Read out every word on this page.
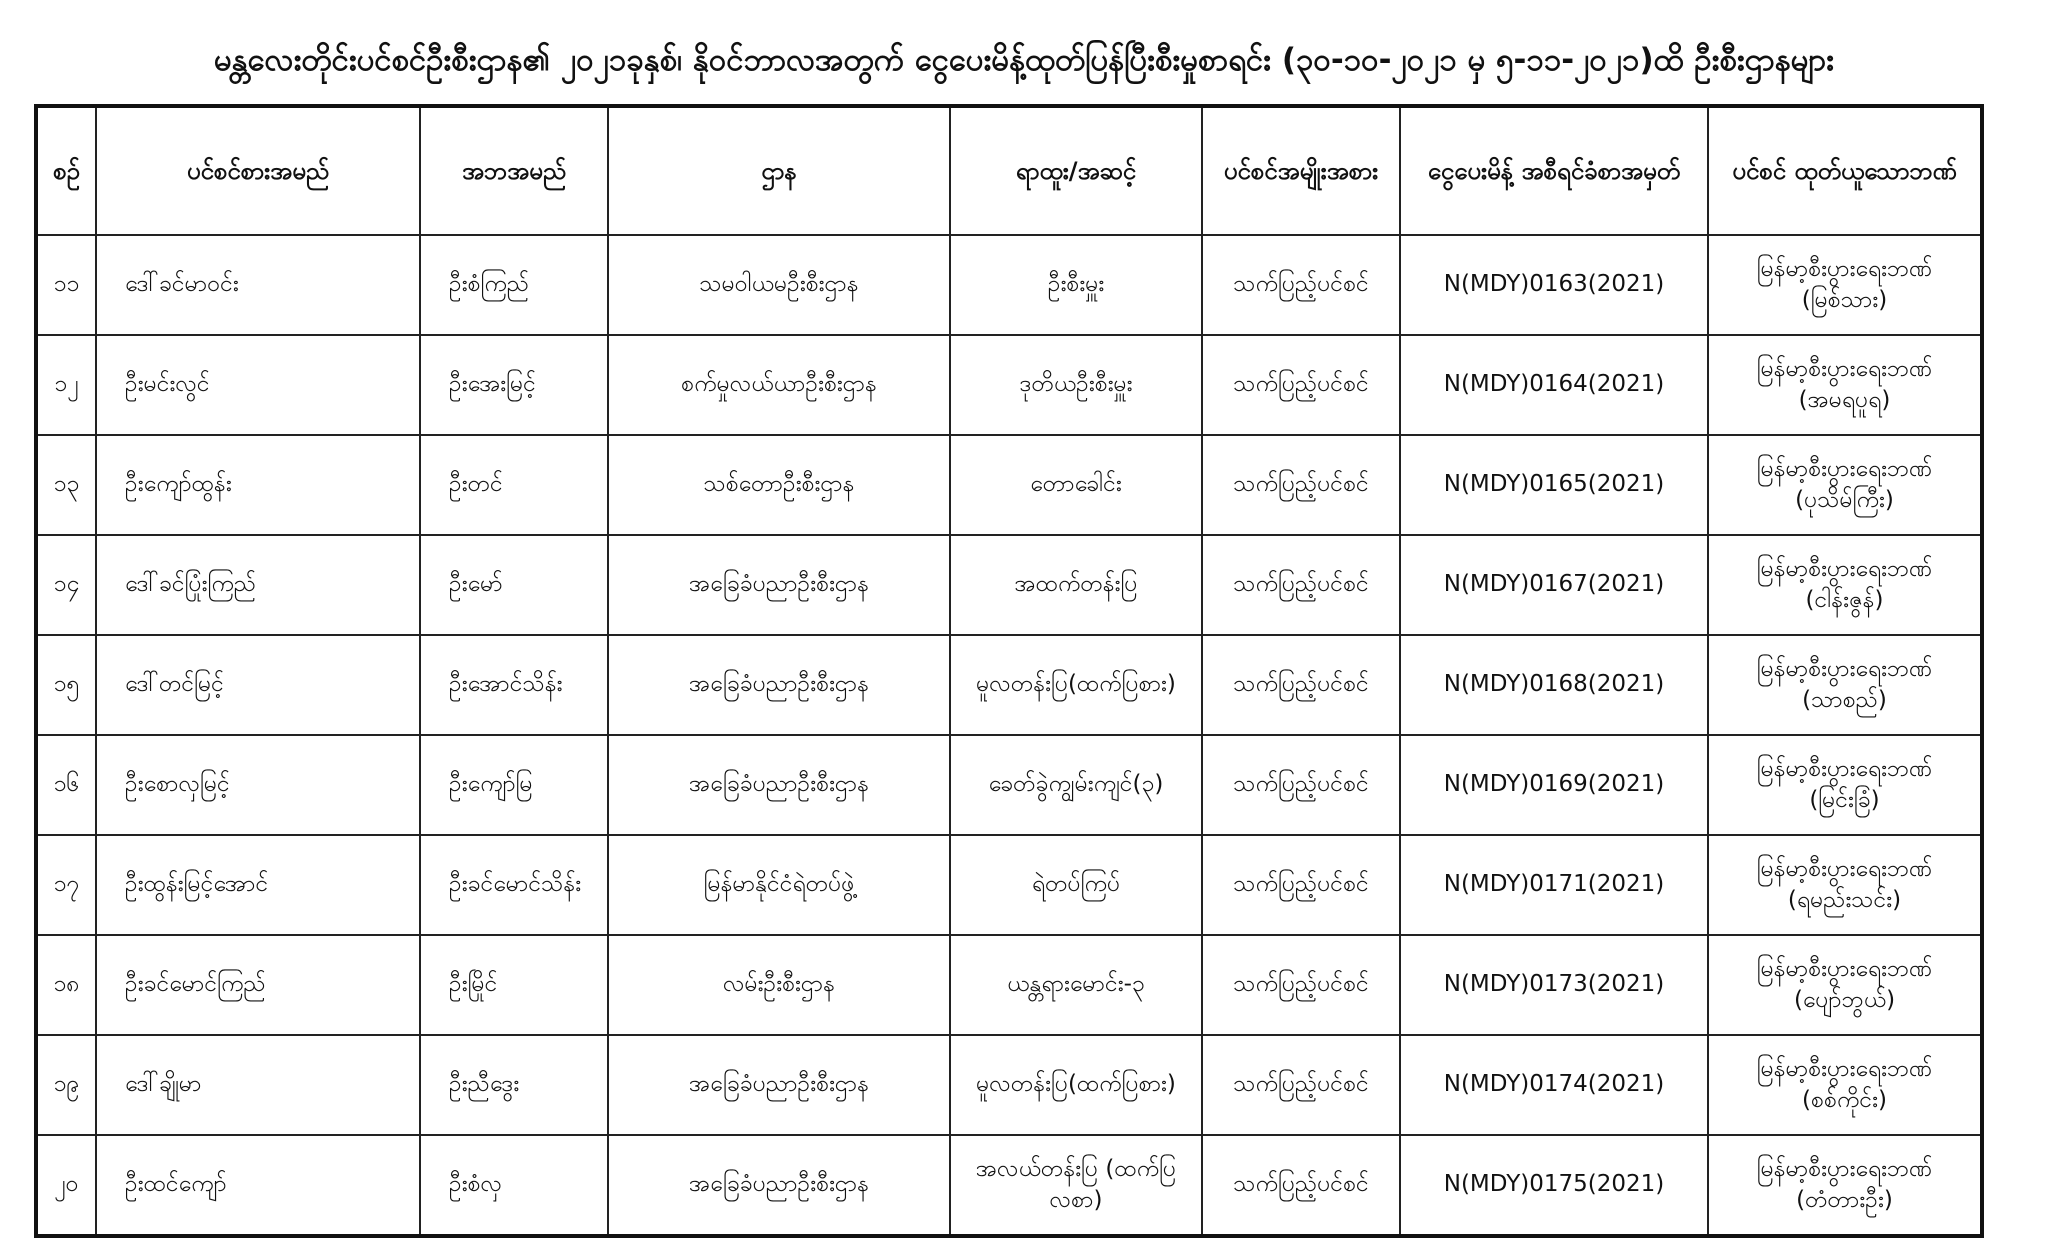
မန္တလေးတိုင်းပင်စင်ဦးစီးဌာန၏ ၂၀၂၁ခုနှစ်၊ နိုဝင်ဘာလအတွက် ငွေပေးမိန့်ထုတ်ပြန်ပြီးစီးမှုစာရင်း (၃၀-၁၀-၂၀၂၁ မှ ၅-၁၁-၂၀၂၁)ထိ ဦးစီးဌာနများ
စဉ်	ပင်စင်စားအမည်	အဘအမည်	ဌာန	ရာထူး/အဆင့်	ပင်စင်အမျိုးအစား	ငွေပေးမိန့် အစီရင်ခံစာအမှတ်	ပင်စင် ထုတ်ယူသောဘဏ်
၁၁	ဒေါ်ခင်မာဝင်း	ဦးစံကြည်	သမဝါယမဦးစီးဌာန	ဦးစီးမှူး	သက်ပြည့်ပင်စင်	N(MDY)0163(2021)	မြန်မာ့စီးပွားရေးဘဏ်
(မြစ်သား)

၁၂	ဦးမင်းလွင်	ဦးအေးမြင့်	စက်မှုလယ်ယာဦးစီးဌာန	ဒုတိယဦးစီးမှူး	သက်ပြည့်ပင်စင်	N(MDY)0164(2021)	မြန်မာ့စီးပွားရေးဘဏ်
(အမရပူရ)

၁၃	ဦးကျော်ထွန်း	ဦးတင်	သစ်တောဦးစီးဌာန	တောခေါင်း	သက်ပြည့်ပင်စင်	N(MDY)0165(2021)	မြန်မာ့စီးပွားရေးဘဏ်
(ပုသိမ်ကြီး)

၁၄	ဒေါ်ခင်ပြုံးကြည်	ဦးမော်	အခြေခံပညာဦးစီးဌာန	အထက်တန်းပြ	သက်ပြည့်ပင်စင်	N(MDY)0167(2021)	မြန်မာ့စီးပွားရေးဘဏ်
(ငါန်းဇွန်)

၁၅	ဒေါ်တင်မြင့်	ဦးအောင်သိန်း	အခြေခံပညာဦးစီးဌာန	မူလတန်းပြ(ထက်ပြစား)	သက်ပြည့်ပင်စင်	N(MDY)0168(2021)	မြန်မာ့စီးပွားရေးဘဏ်
(သာစည်)

၁၆	ဦးစောလှမြင့်	ဦးကျော်မြ	အခြေခံပညာဦးစီးဌာန	ခေတ်ခွဲကျွမ်းကျင်(၃)	သက်ပြည့်ပင်စင်	N(MDY)0169(2021)	မြန်မာ့စီးပွားရေးဘဏ်
(မြင်းခြံ)

၁၇	ဦးထွန်းမြင့်အောင်	ဦးခင်မောင်သိန်း	မြန်မာနိုင်ငံရဲတပ်ဖွဲ့	ရဲတပ်ကြပ်	သက်ပြည့်ပင်စင်	N(MDY)0171(2021)	မြန်မာ့စီးပွားရေးဘဏ်
(ရမည်းသင်း)

၁၈	ဦးခင်မောင်ကြည်	ဦးမြိုင်	လမ်းဦးစီးဌာန	ယန္တရားမောင်း-၃	သက်ပြည့်ပင်စင်	N(MDY)0173(2021)	မြန်မာ့စီးပွားရေးဘဏ်
(ပျော်ဘွယ်)

၁၉	ဒေါ်ချိုမာ	ဦးညီဒွေး	အခြေခံပညာဦးစီးဌာန	မူလတန်းပြ(ထက်ပြစား)	သက်ပြည့်ပင်စင်	N(MDY)0174(2021)	မြန်မာ့စီးပွားရေးဘဏ်
(စစ်ကိုင်း)

၂၀	ဦးထင်ကျော်	ဦးစံလှ	အခြေခံပညာဦးစီးဌာန	အလယ်တန်းပြ (ထက်ပြလစာ)	သက်ပြည့်ပင်စင်	N(MDY)0175(2021)	မြန်မာ့စီးပွားရေးဘဏ်
(တံတားဦး)
